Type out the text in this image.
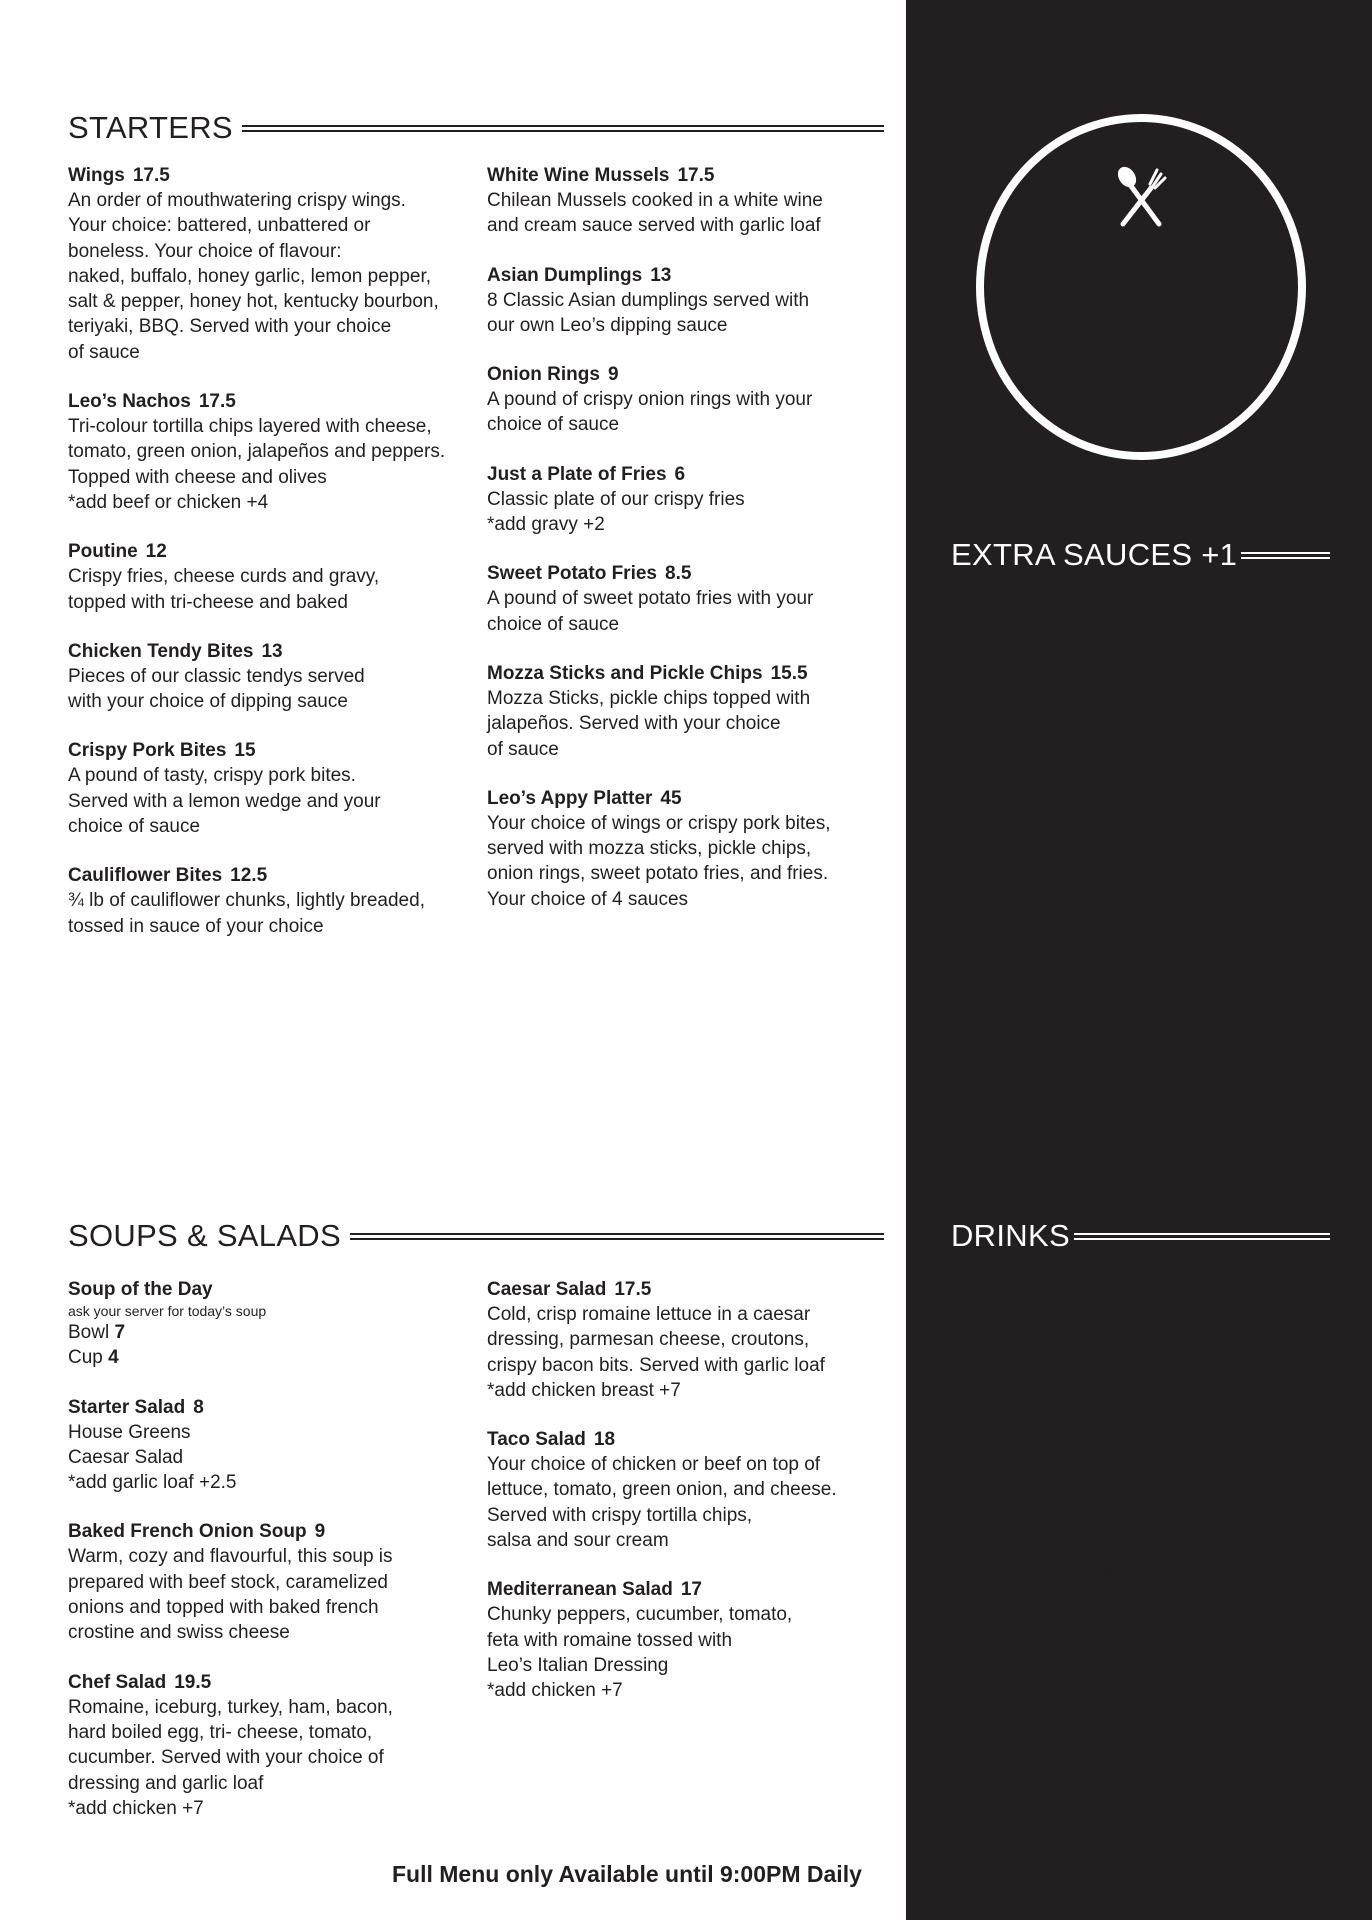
STARTERS
Wings 17.5
An order of mouthwatering crispy wings.
Your choice: battered, unbattered or
boneless. Your choice of flavour:
naked, buffalo, honey garlic, lemon pepper,
salt & pepper, honey hot, kentucky bourbon,
teriyaki, BBQ. Served with your choice
of sauce
Leo’s Nachos 17.5
Tri-colour tortilla chips layered with cheese,
tomato, green onion, jalapeños and peppers.
Topped with cheese and olives
*add beef or chicken +4
Poutine 12
Crispy fries, cheese curds and gravy,
topped with tri-cheese and baked
Chicken Tendy Bites 13
Pieces of our classic tendys served
with your choice of dipping sauce
Crispy Pork Bites 15
A pound of tasty, crispy pork bites.
Served with a lemon wedge and your
choice of sauce
Cauliflower Bites 12.5
¾ lb of cauliflower chunks, lightly breaded,
tossed in sauce of your choice
White Wine Mussels 17.5
Chilean Mussels cooked in a white wine
and cream sauce served with garlic loaf
Asian Dumplings 13
8 Classic Asian dumplings served with
our own Leo’s dipping sauce
Onion Rings 9
A pound of crispy onion rings with your
choice of sauce
Just a Plate of Fries 6
Classic plate of our crispy fries
*add gravy +2
Sweet Potato Fries 8.5
A pound of sweet potato fries with your
choice of sauce
Mozza Sticks and Pickle Chips 15.5
Mozza Sticks, pickle chips topped with
jalapeños. Served with your choice
of sauce
Leo’s Appy Platter 45
Your choice of wings or crispy pork bites,
served with mozza sticks, pickle chips,
onion rings, sweet potato fries, and fries.
Your choice of 4 sauces
SOUPS & SALADS
Soup of the Day
ask your server for today’s soup
Bowl 7
Cup 4
Starter Salad 8
House Greens
Caesar Salad
*add garlic loaf +2.5
Baked French Onion Soup 9
Warm, cozy and flavourful, this soup is
prepared with beef stock, caramelized
onions and topped with baked french
crostine and swiss cheese
Chef Salad 19.5
Romaine, iceburg, turkey, ham, bacon,
hard boiled egg, tri- cheese, tomato,
cucumber. Served with your choice of
dressing and garlic loaf
*add chicken +7
Caesar Salad 17.5
Cold, crisp romaine lettuce in a caesar
dressing, parmesan cheese, croutons,
crispy bacon bits. Served with garlic loaf
*add chicken breast +7
Taco Salad 18
Your choice of chicken or beef on top of
lettuce, tomato, green onion, and cheese.
Served with crispy tortilla chips,
salsa and sour cream
Mediterranean Salad 17
Chunky peppers, cucumber, tomato,
feta with romaine tossed with
Leo’s Italian Dressing
*add chicken +7
Full Menu only Available until 9:00PM Daily
LEO'S
KITCHEN
+BAR
PUBLIC HOUSE
EXTRA SAUCES +1
Leo’s Sauce
Garlic Mayo
Teriyaki
Chipotle
Hot Sauce
Tartar
Thousand Island
Honey Mustard
Yellow Mustard
Ranch
BBQ
Kentucky Bourbon BBQ
Sweet BBQ
Honey Hot
Plum
Salt & Pepper
Lemon Pepper
Salsa
Italian
Caesar
Sour Cream
DRINKS
BEER
Draft 19oz 8
ask you server for the current rotation
Bottled Beer Domestic 341ml 6
Bottled Beer Imported 330ml 7.5
WINE
Red Wine 6oz 9 | 9oz 11
White Wine 6oz 9 | 9oz 11
Rosé Wine 6oz 9 | 9oz 11
Cocktails 1oz 7
High Balls 1oz 7
Top Shelf 1oz 9
